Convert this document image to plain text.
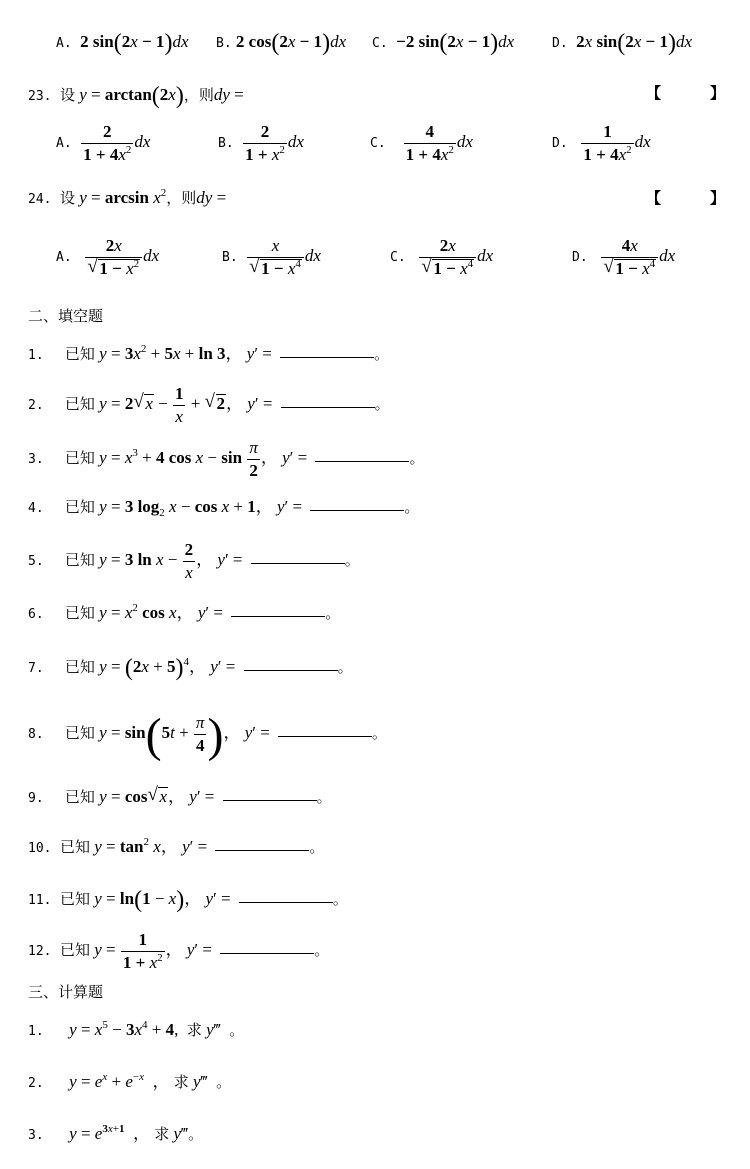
A. 2 sin(2x − 1)dx B. 2 cos(2x − 1)dx C. −2 sin(2x − 1)dx	D. 2x sin(2x − 1)dx
23. 设 y = arctan(2x)，则dy =	【	】
A. $\frac{2}{1 + 4x^2}$ dx	B. $\frac{2}{1 + x^2}$ dx	C. $\frac{4}{1 + 4x^2}$ dx	D. $\frac{1}{1 + 4x^2}$ dx
24. 设 $y = \arcsin x^2$，则dy =	【	】
A. $\frac{2x}{√ 1 - x^2}$ dx	B. $\frac{x}{√ 1 - x^4}$ dx	C. $\frac{2x}{√ 1 - x^4}$ dx	D. $\frac{4x}{√ 1 - x^4}$ dx
二、填空题
1. 已知 $y = 3x^2 + 5x + \ln 3$， y′ =	。
2. 已知 y = 2 √ $x - \frac{1}{x}$ + √ 2， y′ =	。
3. 已知 $y = x^3 + 4$ $\cos x - \sin \frac{\pi}{2}$ ， y′ =	。
4. 已知 y = 3 $\log_2 x - \cos x + 1$， y′ =	。
5. 已知 y = 3 $\ln x - \frac{2}{x}$ ， y′ =	。
6. 已知 $y = x^2$ cos x， y′ =	。
7. 已知 $y = (2x + 5)^4$， y′ =	。
8. 已知 $y = \sin(5t + \frac{\pi}{4}$ )， y′ =	。
9. 已知 y = cos √ x， y′ =	。
10. 已知 $y = \tan^2 x$， y′ =	。
11. 已知 y = ln(1 − x)， y′ =	。
12. 已知 $y = \frac{1}{1 + x^2}$ ， y′ =	。
三、计算题
1. $y = x^5 - 3x^4 + 4$,  求 y‴  。
2. $y = e^x + e^{-x}$  ， 求 y‴  。
3. $y = e^{3x+1}$  ， 求 y‴。
